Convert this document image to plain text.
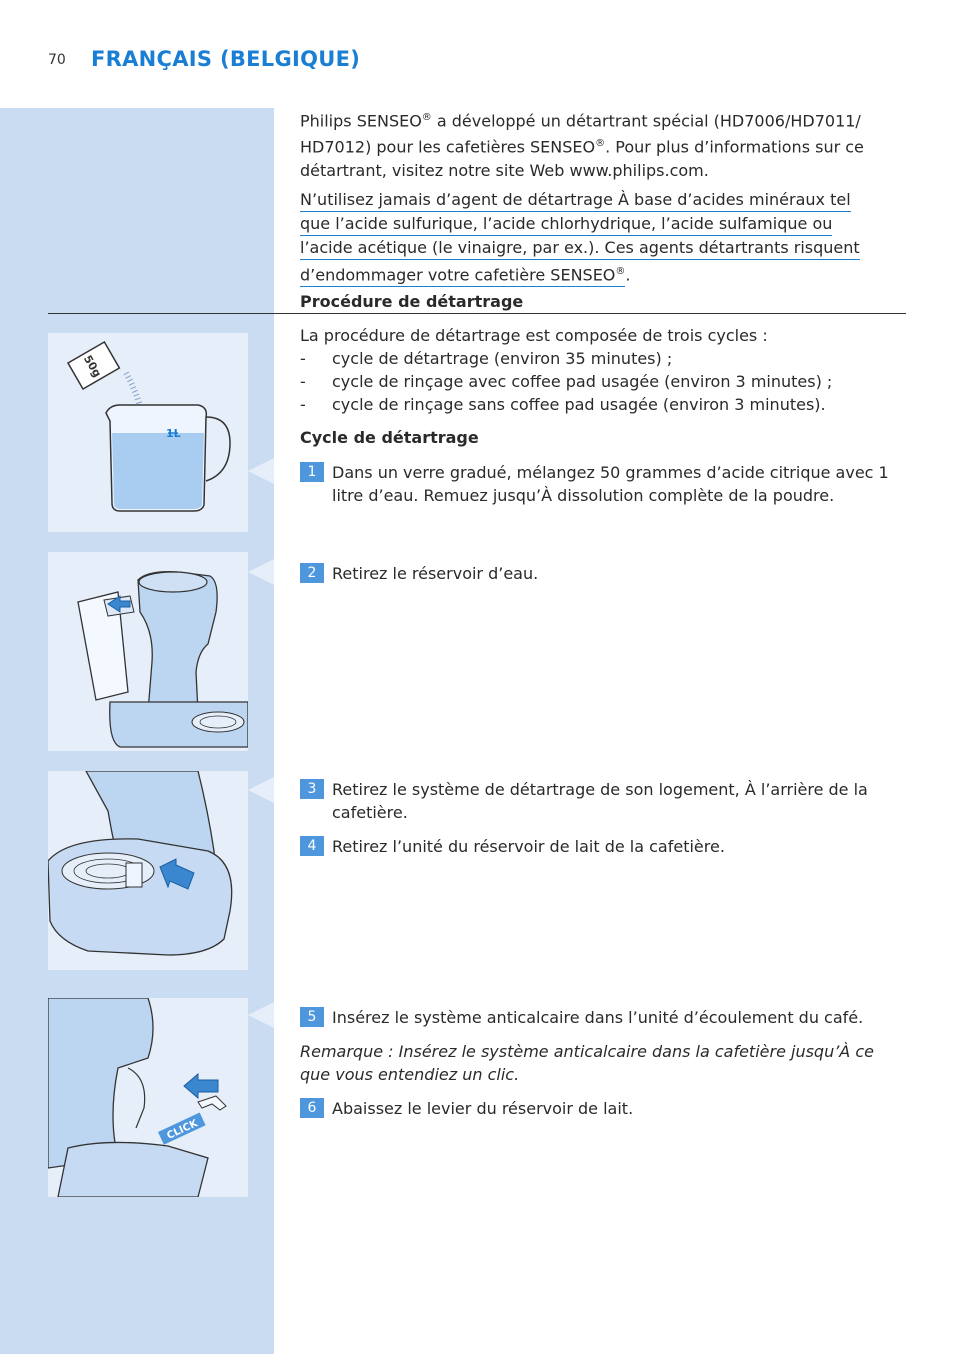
70 FRANÇAIS (BELGIQUE)

Philips SENSEO® a développé un détartrant spécial (HD7006/HD7011/

HD7012) pour les cafetières SENSEO®. Pour plus d’informations sur ce

détartrant, visitez notre site Web www.philips.com.

N’utilisez jamais d’agent de détartrage À base d’acides minéraux tel
que l’acide sulfurique, l’acide chlorhydrique, l’acide sulfamique ou
l’acide acétique (le vinaigre, par ex.). Ces agents détartrants risquent
d’endommager votre cafetière SENSEO®.
Procédure de détartrage

La procédure de détartrage est composée de trois cycles :

- cycle de détartrage (environ 35 minutes) ;
- cycle de rinçage avec coffee pad usagée (environ 3 minutes) ;
- cycle de rinçage sans coffee pad usagée (environ 3 minutes).
Cycle de détartrage
1 Dans un verre gradué, mélangez 50 grammes d’acide citrique avec 1 litre d’eau. Remuez jusqu’À dissolution complète de la poudre.
2 Retirez le réservoir d’eau.
3 Retirez le système de détartrage de son logement, À l’arrière de la cafetière.
4 Retirez l’unité du réservoir de lait de la cafetière.
5 Insérez le système anticalcaire dans l’unité d’écoulement du café.
Remarque : Insérez le système anticalcaire dans la cafetière jusqu’À ce que vous entendiez un clic.
6 Abaissez le levier du réservoir de lait.
50g
1L
CLICK
